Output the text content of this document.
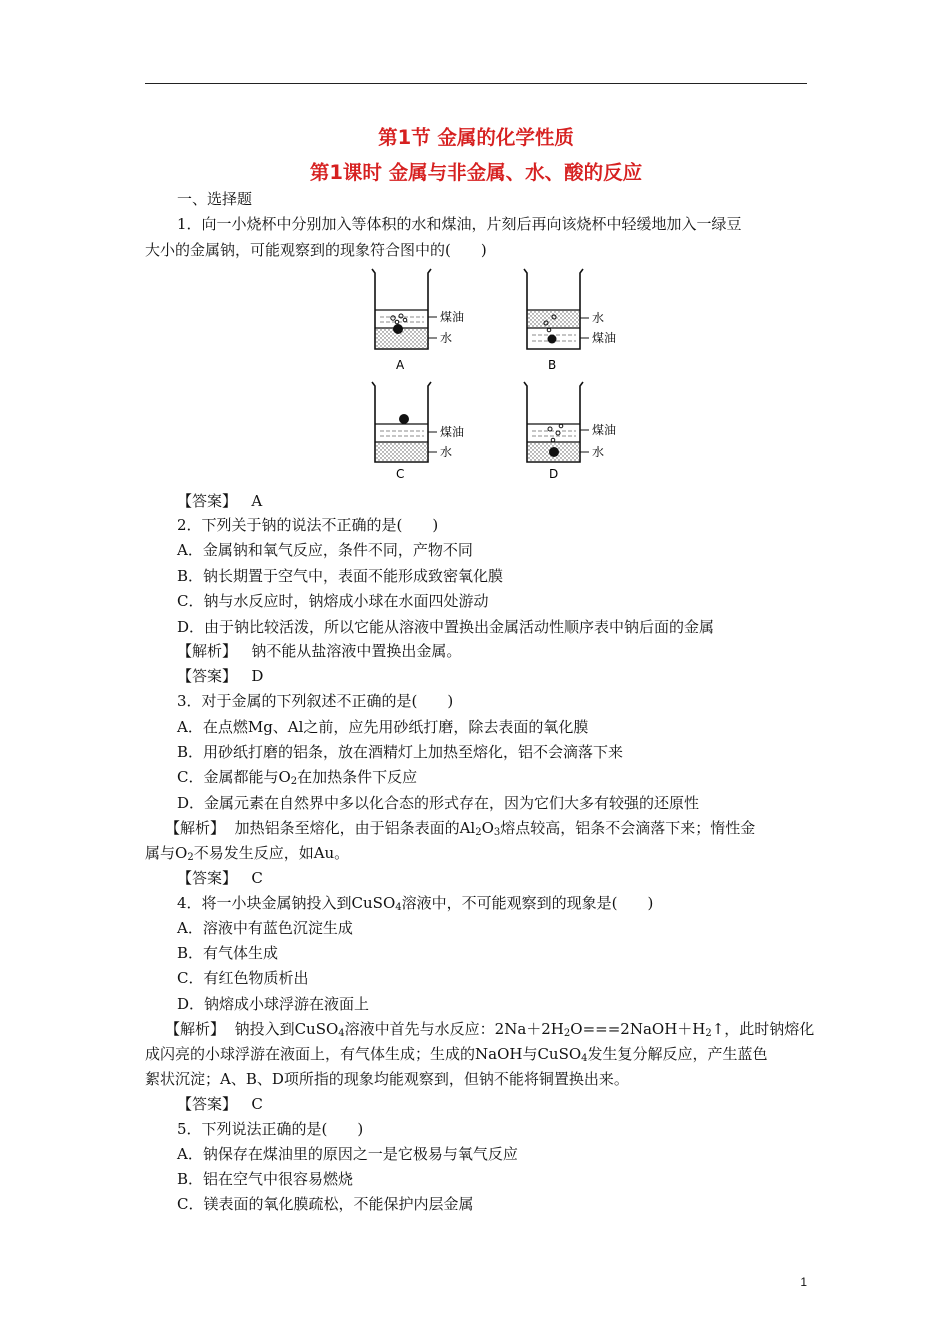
第1节 金属的化学性质
第1课时 金属与非金属、水、酸的反应
一、选择题
1．向一小烧杯中分别加入等体积的水和煤油，片刻后再向该烧杯中轻缓地加入一绿豆
大小的金属钠，可能观察到的现象符合图中的(　　)
煤油
水
A
水
煤油
B
煤油
水
C
煤油
水
D
【答案】 A
2．下列关于钠的说法不正确的是(　　)
A．金属钠和氧气反应，条件不同，产物不同
B．钠长期置于空气中，表面不能形成致密氧化膜
C．钠与水反应时，钠熔成小球在水面四处游动
D．由于钠比较活泼，所以它能从溶液中置换出金属活动性顺序表中钠后面的金属
【解析】 钠不能从盐溶液中置换出金属。
【答案】 D
3．对于金属的下列叙述不正确的是(　　)
A．在点燃Mg、Al之前，应先用砂纸打磨，除去表面的氧化膜
B．用砂纸打磨的铝条，放在酒精灯上加热至熔化，铝不会滴落下来
C．金属都能与$O_2$在加热条件下反应
D．金属元素在自然界中多以化合态的形式存在，因为它们大多有较强的还原性
【解析】 加热铝条至熔化，由于铝条表面的$Al_2O_3$熔点较高，铝条不会滴落下来；惰性金
属与$O_2$不易发生反应，如Au。
【答案】 C
4．将一小块金属钠投入到CuSO$_4$溶液中，不可能观察到的现象是(　　)
A．溶液中有蓝色沉淀生成
B．有气体生成
C．有红色物质析出
D．钠熔成小球浮游在液面上
【解析】 钠投入到CuSO$_4$溶液中首先与水反应：$2Na+2H_2O===2NaOH+H_2↑$，此时钠熔化
成闪亮的小球浮游在液面上，有气体生成；生成的NaOH与CuSO$_4$发生复分解反应，产生蓝色
絮状沉淀；A、B、D项所指的现象均能观察到，但钠不能将铜置换出来。
【答案】 C
5．下列说法正确的是(　　)
A．钠保存在煤油里的原因之一是它极易与氧气反应
B．铝在空气中很容易燃烧
C．镁表面的氧化膜疏松，不能保护内层金属
1
